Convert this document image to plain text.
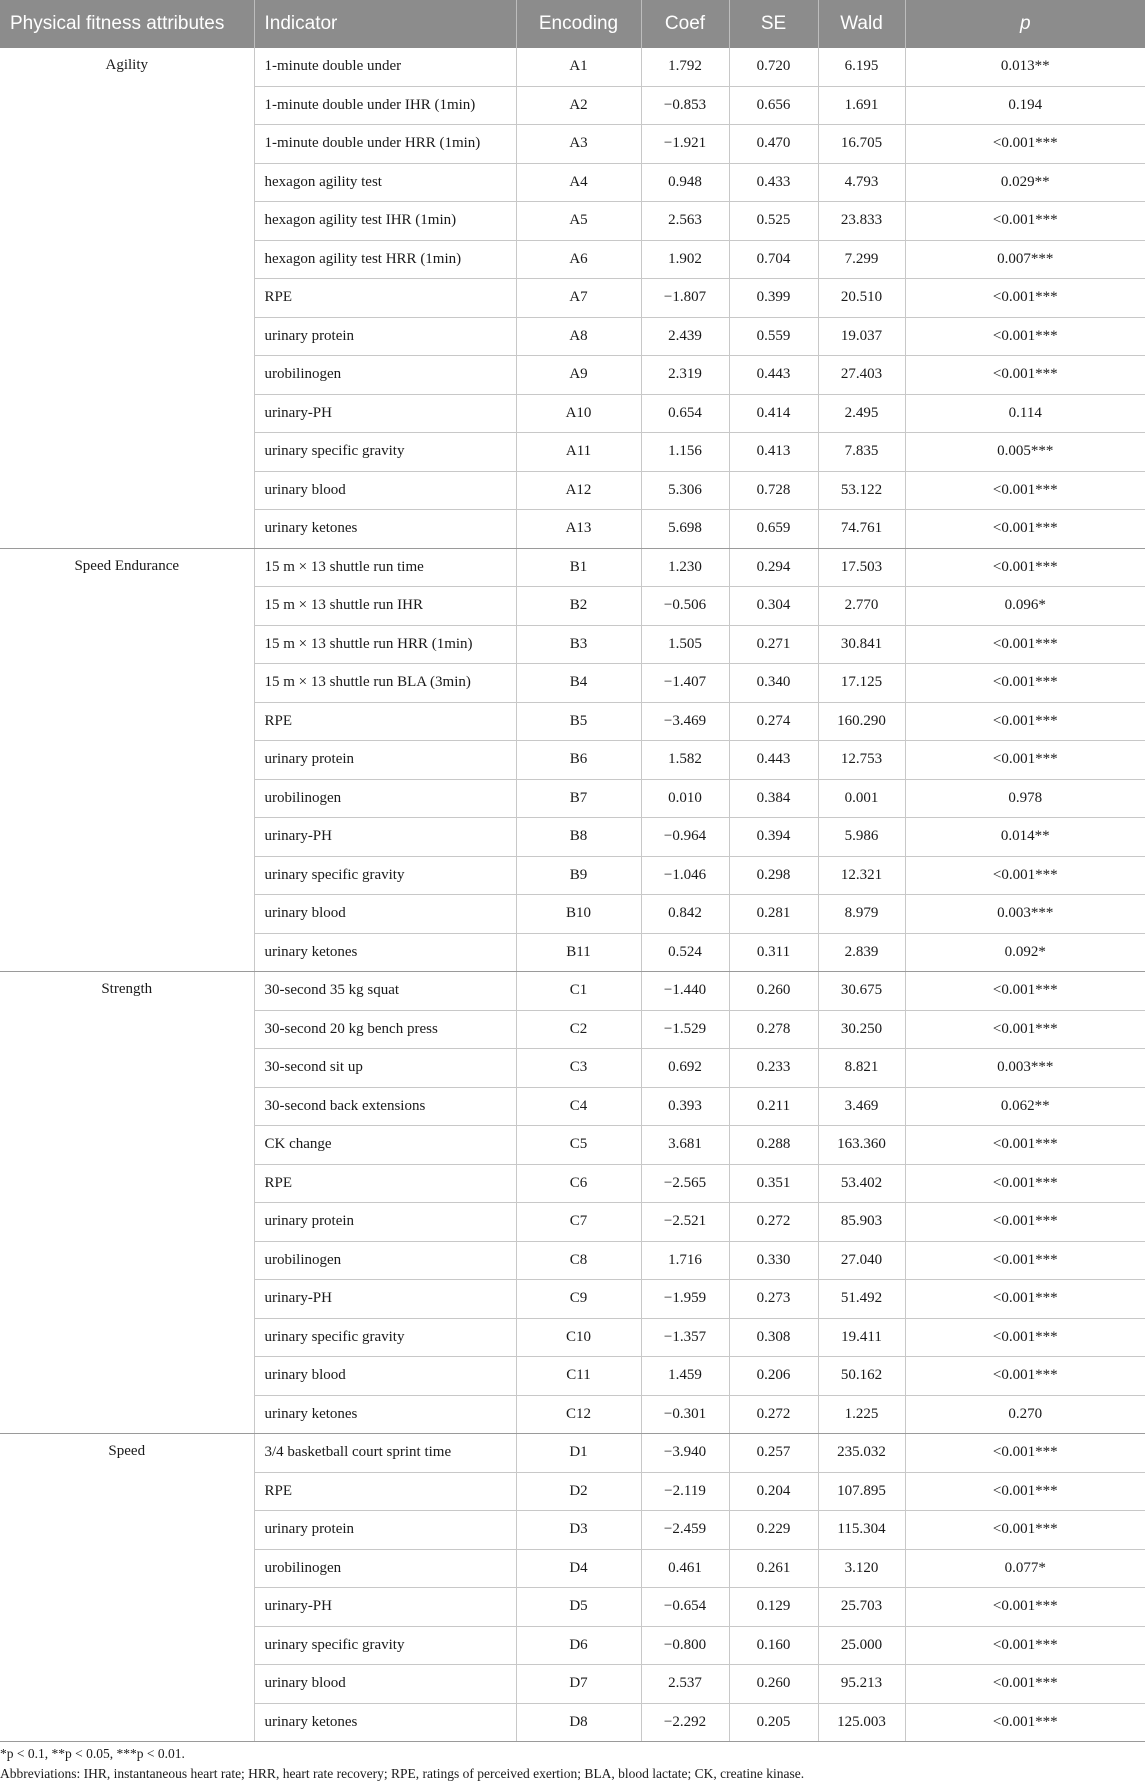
Physical fitness attributes	Indicator	Encoding	Coef	SE	Wald	p
Agility	1-minute double under	A1	1.792	0.720	6.195	0.013**
	1-minute double under IHR (1min)	A2	−0.853	0.656	1.691	0.194
	1-minute double under HRR (1min)	A3	−1.921	0.470	16.705	<0.001***
	hexagon agility test	A4	0.948	0.433	4.793	0.029**
	hexagon agility test IHR (1min)	A5	2.563	0.525	23.833	<0.001***
	hexagon agility test HRR (1min)	A6	1.902	0.704	7.299	0.007***
	RPE	A7	−1.807	0.399	20.510	<0.001***
	urinary protein	A8	2.439	0.559	19.037	<0.001***
	urobilinogen	A9	2.319	0.443	27.403	<0.001***
	urinary-PH	A10	0.654	0.414	2.495	0.114
	urinary specific gravity	A11	1.156	0.413	7.835	0.005***
	urinary blood	A12	5.306	0.728	53.122	<0.001***
	urinary ketones	A13	5.698	0.659	74.761	<0.001***
Speed Endurance	15 m × 13 shuttle run time	B1	1.230	0.294	17.503	<0.001***
	15 m × 13 shuttle run IHR	B2	−0.506	0.304	2.770	0.096*
	15 m × 13 shuttle run HRR (1min)	B3	1.505	0.271	30.841	<0.001***
	15 m × 13 shuttle run BLA (3min)	B4	−1.407	0.340	17.125	<0.001***
	RPE	B5	−3.469	0.274	160.290	<0.001***
	urinary protein	B6	1.582	0.443	12.753	<0.001***
	urobilinogen	B7	0.010	0.384	0.001	0.978
	urinary-PH	B8	−0.964	0.394	5.986	0.014**
	urinary specific gravity	B9	−1.046	0.298	12.321	<0.001***
	urinary blood	B10	0.842	0.281	8.979	0.003***
	urinary ketones	B11	0.524	0.311	2.839	0.092*
Strength	30-second 35 kg squat	C1	−1.440	0.260	30.675	<0.001***
	30-second 20 kg bench press	C2	−1.529	0.278	30.250	<0.001***
	30-second sit up	C3	0.692	0.233	8.821	0.003***
	30-second back extensions	C4	0.393	0.211	3.469	0.062**
	CK change	C5	3.681	0.288	163.360	<0.001***
	RPE	C6	−2.565	0.351	53.402	<0.001***
	urinary protein	C7	−2.521	0.272	85.903	<0.001***
	urobilinogen	C8	1.716	0.330	27.040	<0.001***
	urinary-PH	C9	−1.959	0.273	51.492	<0.001***
	urinary specific gravity	C10	−1.357	0.308	19.411	<0.001***
	urinary blood	C11	1.459	0.206	50.162	<0.001***
	urinary ketones	C12	−0.301	0.272	1.225	0.270
Speed	3/4 basketball court sprint time	D1	−3.940	0.257	235.032	<0.001***
	RPE	D2	−2.119	0.204	107.895	<0.001***
	urinary protein	D3	−2.459	0.229	115.304	<0.001***
	urobilinogen	D4	0.461	0.261	3.120	0.077*
	urinary-PH	D5	−0.654	0.129	25.703	<0.001***
	urinary specific gravity	D6	−0.800	0.160	25.000	<0.001***
	urinary blood	D7	2.537	0.260	95.213	<0.001***
	urinary ketones	D8	−2.292	0.205	125.003	<0.001***
*p < 0.1, **p < 0.05, ***p < 0.01.
Abbreviations: IHR, instantaneous heart rate; HRR, heart rate recovery; RPE, ratings of perceived exertion; BLA, blood lactate; CK, creatine kinase.
